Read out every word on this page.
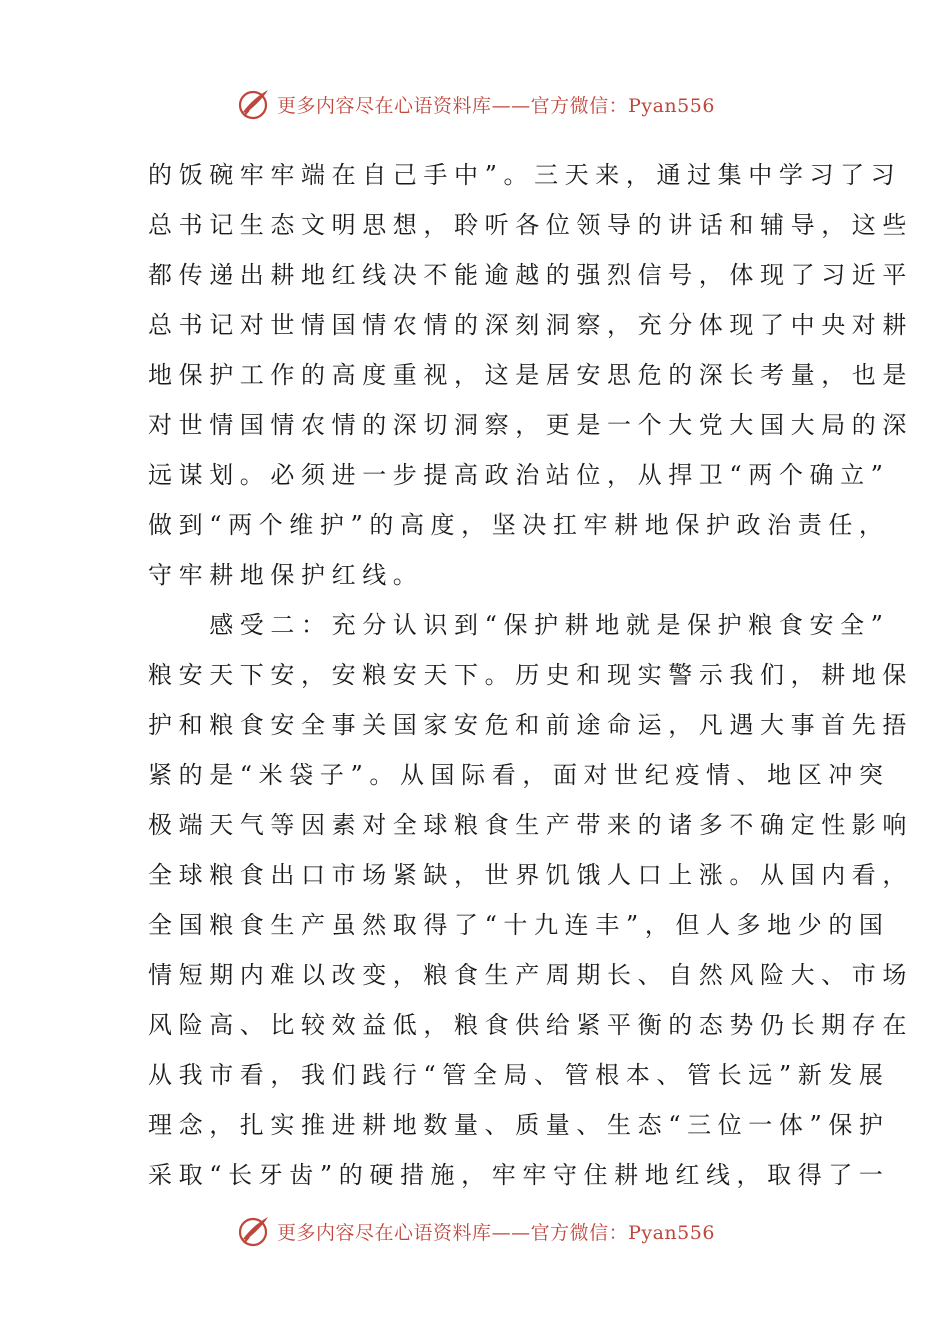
更多内容尽在心语资料库——官方微信：Pyan556
的饭碗牢牢端在自己手中”。三天来，通过集中学习了习
总书记生态文明思想，聆听各位领导的讲话和辅导，这些
都传递出耕地红线决不能逾越的强烈信号，体现了习近平
总书记对世情国情农情的深刻洞察，充分体现了中央对耕
地保护工作的高度重视，这是居安思危的深长考量，也是
对世情国情农情的深切洞察，更是一个大党大国大局的深
远谋划。必须进一步提高政治站位，从捍卫“两个确立”
做到“两个维护”的高度，坚决扛牢耕地保护政治责任，
守牢耕地保护红线。
　　感受二：充分认识到“保护耕地就是保护粮食安全”
粮安天下安，安粮安天下。历史和现实警示我们，耕地保
护和粮食安全事关国家安危和前途命运，凡遇大事首先捂
紧的是“米袋子”。从国际看，面对世纪疫情、地区冲突
极端天气等因素对全球粮食生产带来的诸多不确定性影响
全球粮食出口市场紧缺，世界饥饿人口上涨。从国内看，
全国粮食生产虽然取得了“十九连丰”，但人多地少的国
情短期内难以改变，粮食生产周期长、自然风险大、市场
风险高、比较效益低，粮食供给紧平衡的态势仍长期存在
从我市看，我们践行“管全局、管根本、管长远”新发展
理念，扎实推进耕地数量、质量、生态“三位一体”保护
采取“长牙齿”的硬措施，牢牢守住耕地红线，取得了一
更多内容尽在心语资料库——官方微信：Pyan556
